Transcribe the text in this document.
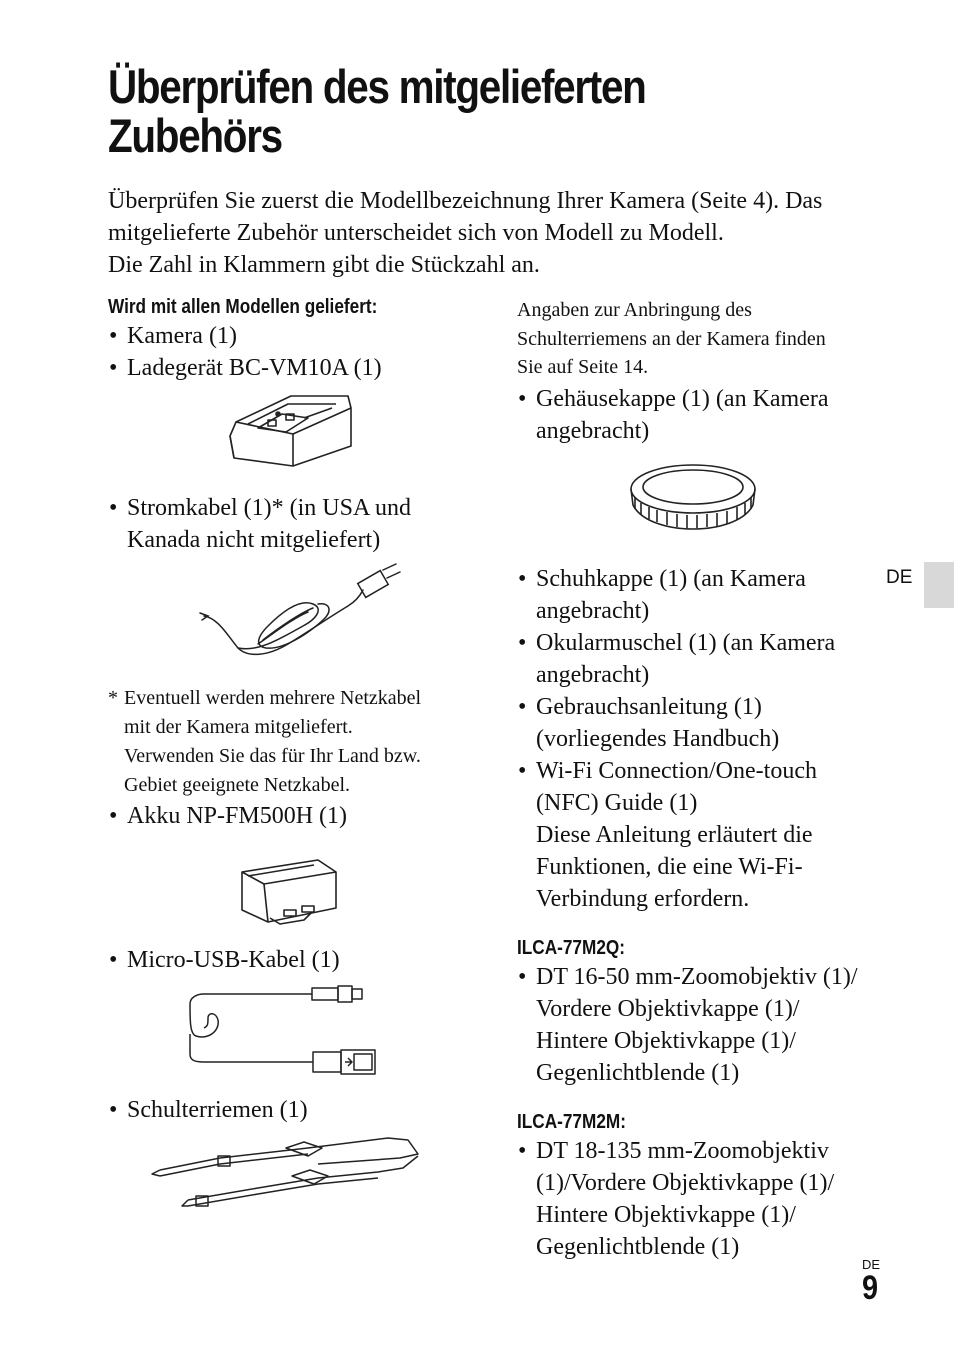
Überprüfen des mitgelieferten
Zubehörs
Überprüfen Sie zuerst die Modellbezeichnung Ihrer Kamera (Seite 4). Das
mitgelieferte Zubehör unterscheidet sich von Modell zu Modell.
Die Zahl in Klammern gibt die Stückzahl an.
Wird mit allen Modellen geliefert:
• Kamera (1)
• Ladegerät BC-VM10A (1)
• Stromkabel (1)* (in USA und
Kanada nicht mitgeliefert)
* Eventuell werden mehrere Netzkabel
mit der Kamera mitgeliefert.
Verwenden Sie das für Ihr Land bzw.
Gebiet geeignete Netzkabel.
• Akku NP-FM500H (1)
• Micro-USB-Kabel (1)
• Schulterriemen (1)
Angaben zur Anbringung des
Schulterriemens an der Kamera finden
Sie auf Seite 14.
• Gehäusekappe (1) (an Kamera
angebracht)
• Schuhkappe (1) (an Kamera
angebracht)
• Okularmuschel (1) (an Kamera
angebracht)
• Gebrauchsanleitung (1)
(vorliegendes Handbuch)
• Wi-Fi Connection/One-touch
(NFC) Guide (1)
Diese Anleitung erläutert die
Funktionen, die eine Wi-Fi-
Verbindung erfordern.
ILCA-77M2Q:
• DT 16-50 mm-Zoomobjektiv (1)/
Vordere Objektivkappe (1)/
Hintere Objektivkappe (1)/
Gegenlichtblende (1)
ILCA-77M2M:
• DT 18-135 mm-Zoomobjektiv
(1)/Vordere Objektivkappe (1)/
Hintere Objektivkappe (1)/
Gegenlichtblende (1)
DE
DE
9
